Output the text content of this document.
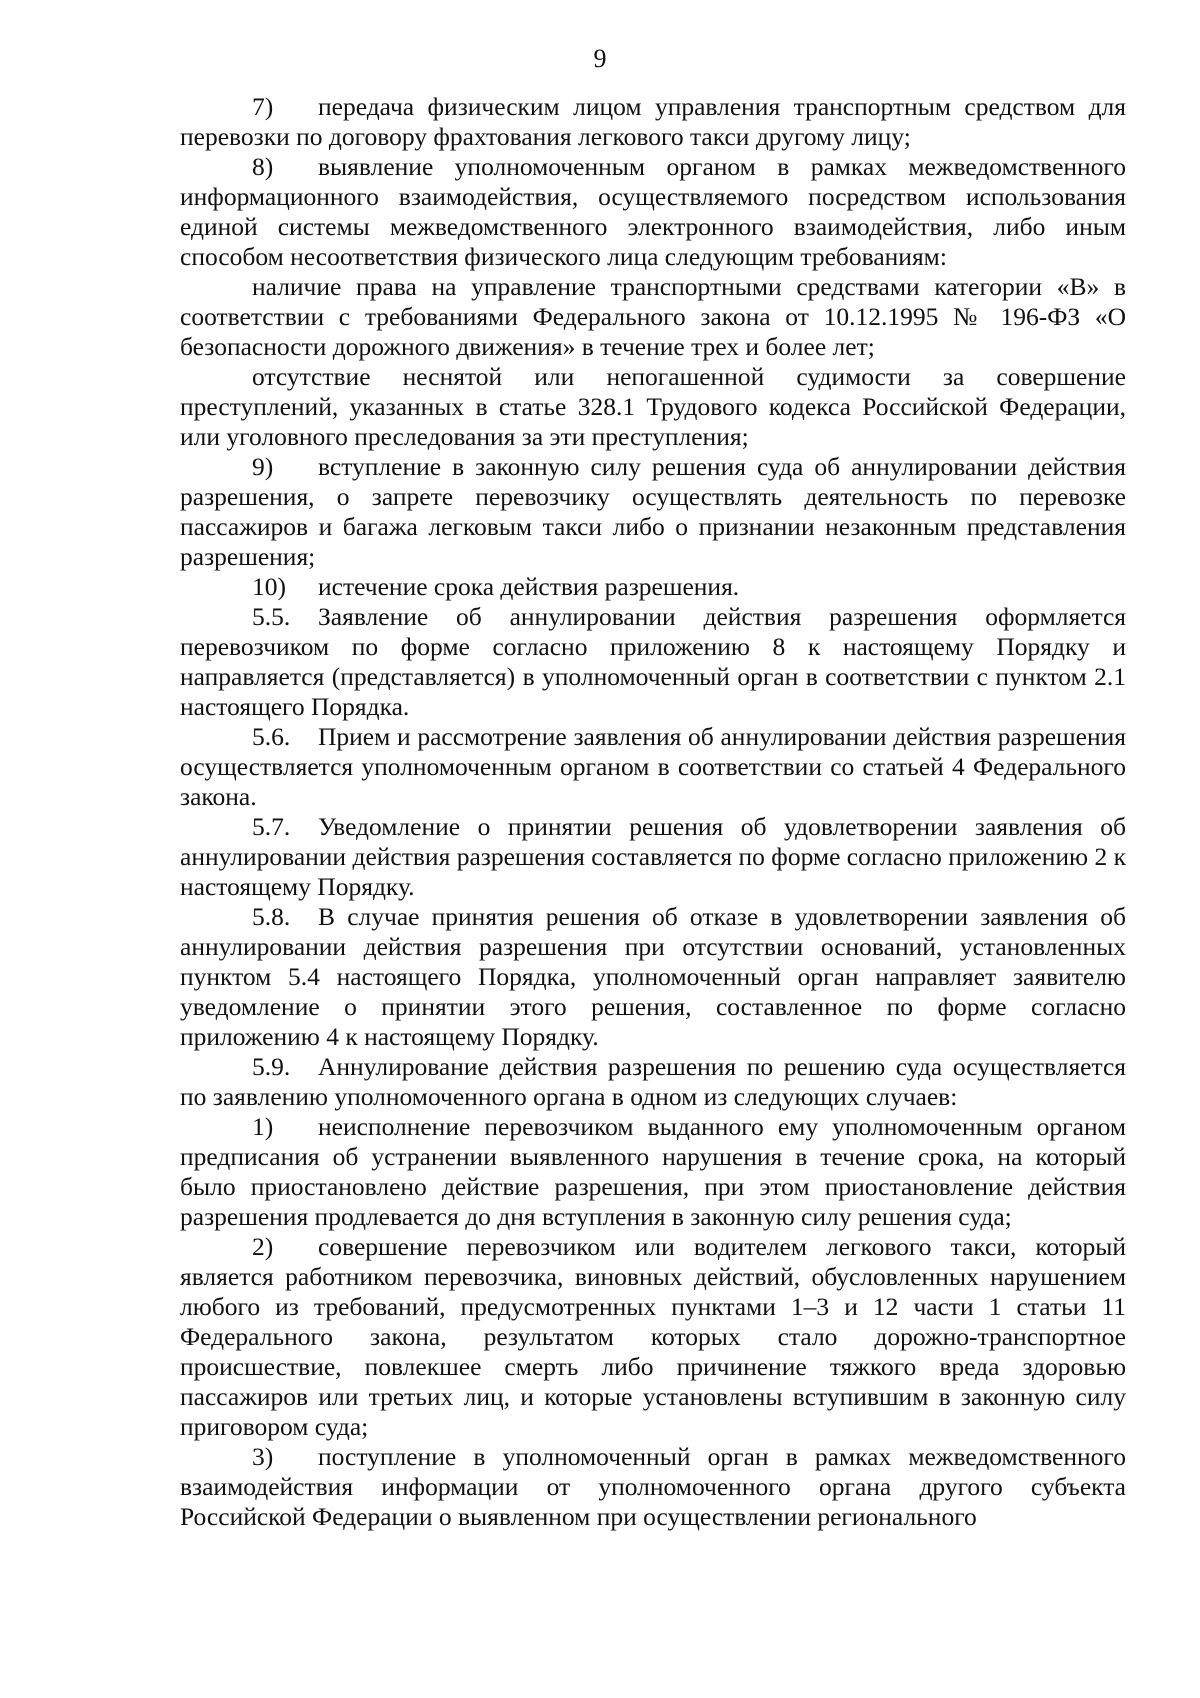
9

7) передача физическим лицом управления транспортным средством для перевозки по договору фрахтования легкового такси другому лицу;

8) выявление уполномоченным органом в рамках межведомственного информационного взаимодействия, осуществляемого посредством использования единой системы межведомственного электронного взаимодействия, либо иным способом несоответствия физического лица следующим требованиям:

наличие права на управление транспортными средствами категории «В» в соответствии с требованиями Федерального закона от 10.12.1995 № 196-ФЗ «О безопасности дорожного движения» в течение трех и более лет;

отсутствие неснятой или непогашенной судимости за совершение преступлений, указанных в статье 328.1 Трудового кодекса Российской Федерации, или уголовного преследования за эти преступления;

9) вступление в законную силу решения суда об аннулировании действия разрешения, о запрете перевозчику осуществлять деятельность по перевозке пассажиров и багажа легковым такси либо о признании незаконным представления разрешения;

10) истечение срока действия разрешения.

5.5. Заявление об аннулировании действия разрешения оформляется перевозчиком по форме согласно приложению 8 к настоящему Порядку и направляется (представляется) в уполномоченный орган в соответствии с пунктом 2.1 настоящего Порядка.

5.6. Прием и рассмотрение заявления об аннулировании действия разрешения осуществляется уполномоченным органом в соответствии со статьей 4 Федерального закона.

5.7. Уведомление о принятии решения об удовлетворении заявления об аннулировании действия разрешения составляется по форме согласно приложению 2 к настоящему Порядку.

5.8. В случае принятия решения об отказе в удовлетворении заявления об аннулировании действия разрешения при отсутствии оснований, установленных пунктом 5.4 настоящего Порядка, уполномоченный орган направляет заявителю уведомление о принятии этого решения, составленное по форме согласно приложению 4 к настоящему Порядку.

5.9. Аннулирование действия разрешения по решению суда осуществляется по заявлению уполномоченного органа в одном из следующих случаев:

1) неисполнение перевозчиком выданного ему уполномоченным органом предписания об устранении выявленного нарушения в течение срока, на который было приостановлено действие разрешения, при этом приостановление действия разрешения продлевается до дня вступления в законную силу решения суда;

2) совершение перевозчиком или водителем легкового такси, который является работником перевозчика, виновных действий, обусловленных нарушением любого из требований, предусмотренных пунктами 1–3 и 12 части 1 статьи 11 Федерального закона, результатом которых стало дорожно-транспортное происшествие, повлекшее смерть либо причинение тяжкого вреда здоровью пассажиров или третьих лиц, и которые установлены вступившим в законную силу приговором суда;

3) поступление в уполномоченный орган в рамках межведомственного взаимодействия информации от уполномоченного органа другого субъекта Российской Федерации о выявленном при осуществлении регионального
